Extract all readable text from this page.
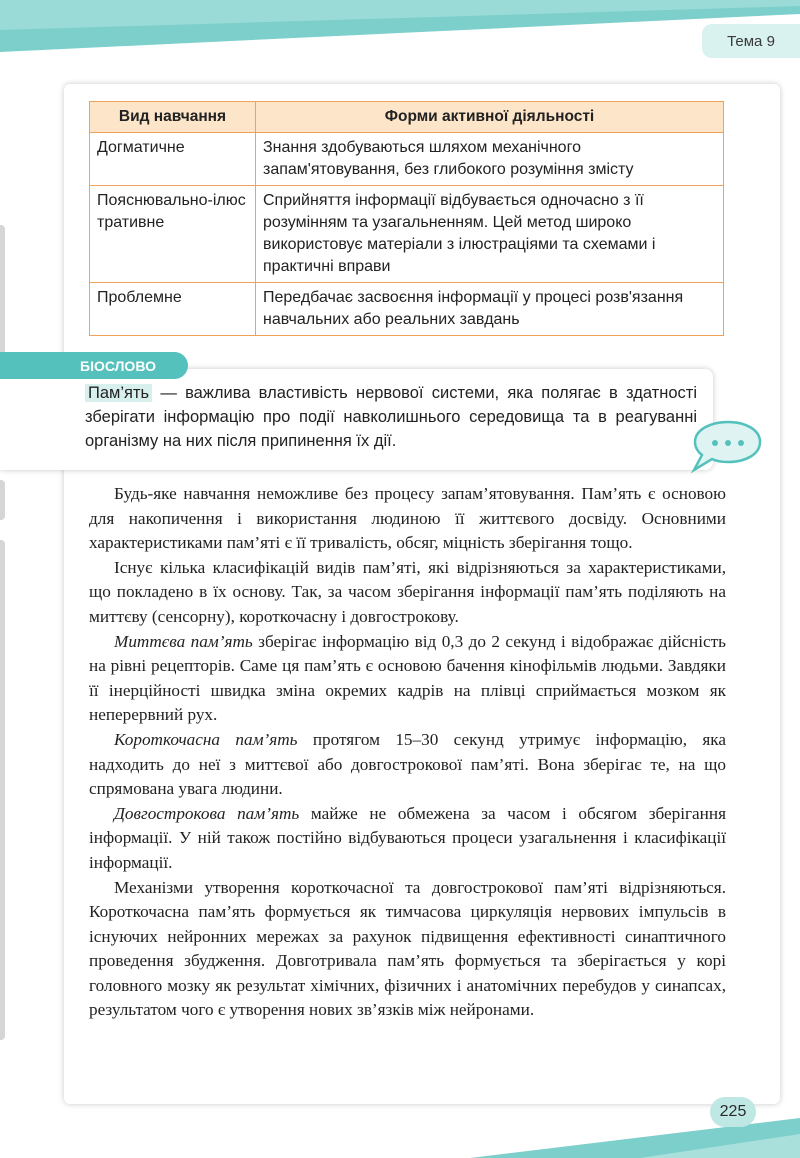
Тема 9
Вид навчання	Форми активної діяльності
Догматичне	Знання здобуваються шляхом механічного запам'ятовування, без глибокого розуміння змісту
Пояснювально-ілюстративне	Сприйняття інформації відбувається одночасно з її розумінням та узагальненням. Цей метод широко використовує матеріали з ілюстраціями та схемами і практичні вправи
Проблемне	Передбачає засвоєння інформації у процесі розв'язання навчальних або реальних завдань
БІОСЛОВО
Пам’ять — важлива властивість нервової системи, яка полягає в здатності зберігати інформацію про події навколишнього середовища та в реагуванні організму на них після припинення їх дії.

Будь-яке навчання неможливе без процесу запам’ятовування. Пам’ять є основою для накопичення і використання людиною її життєвого досвіду. Основними характеристиками пам’яті є її тривалість, обсяг, міцність зберігання тощо.

Існує кілька класифікацій видів пам’яті, які відрізняються за характеристиками, що покладено в їх основу. Так, за часом зберігання інформації пам’ять поділяють на миттєву (сенсорну), короткочасну і довгострокову.

Миттєва пам’ять зберігає інформацію від 0,3 до 2 секунд і відображає дійсність на рівні рецепторів. Саме ця пам’ять є основою бачення кінофільмів людьми. Завдяки її інерційності швидка зміна окремих кадрів на плівці сприймається мозком як неперервний рух.

Короткочасна пам’ять протягом 15–30 секунд утримує інформацію, яка надходить до неї з миттєвої або довгострокової пам’яті. Вона зберігає те, на що спрямована увага людини.

Довгострокова пам’ять майже не обмежена за часом і обсягом зберігання інформації. У ній також постійно відбуваються процеси узагальнення і класифікації інформації.

Механізми утворення короткочасної та довгострокової пам’яті відрізняються. Короткочасна пам’ять формується як тимчасова циркуляція нервових імпульсів в існуючих нейронних мережах за рахунок підвищення ефективності синаптичного проведення збудження. Довготривала пам’ять формується та зберігається у корі головного мозку як результат хімічних, фізичних і анатомічних перебудов у синапсах, результатом чого є утворення нових зв’язків між нейронами.

225
